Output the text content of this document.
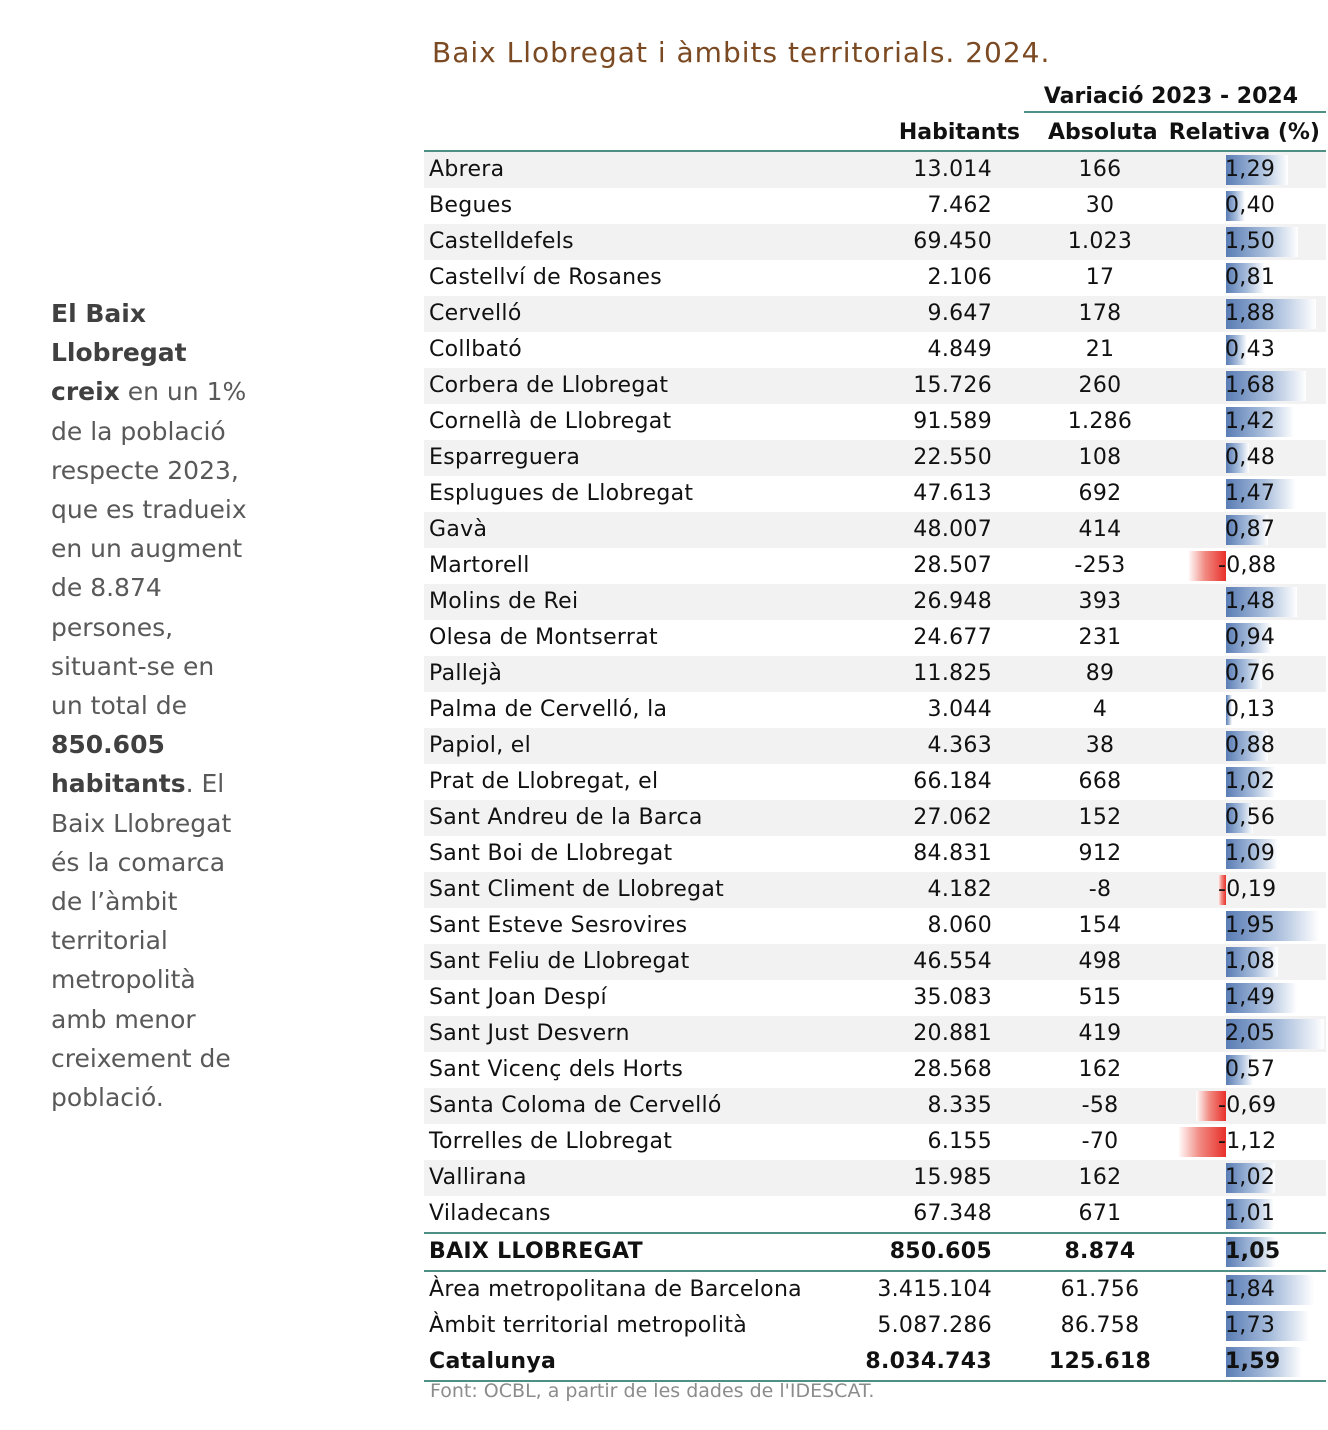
El Baix Llobregat creix en un 1% de la població respecte 2023, que es tradueix en un augment de 8.874 persones, situant-se en un total de 850.605 habitants. El Baix Llobregat és la comarca de l’àmbit territorial metropolità amb menor creixement de població.
Baix Llobregat i àmbits territorials. 2024.
Variació 2023 - 2024
Habitants Absoluta Relativa (%)
Abrera	13.014	166	1,29
Begues	7.462	30	0,40
Castelldefels	69.450	1.023	1,50
Castellví de Rosanes	2.106	17	0,81
Cervelló	9.647	178	1,88
Collbató	4.849	21	0,43
Corbera de Llobregat	15.726	260	1,68
Cornellà de Llobregat	91.589	1.286	1,42
Esparreguera	22.550	108	0,48
Esplugues de Llobregat	47.613	692	1,47
Gavà	48.007	414	0,87
Martorell	28.507	-253	-0,88
Molins de Rei	26.948	393	1,48
Olesa de Montserrat	24.677	231	0,94
Pallejà	11.825	89	0,76
Palma de Cervelló, la	3.044	4	0,13
Papiol, el	4.363	38	0,88
Prat de Llobregat, el	66.184	668	1,02
Sant Andreu de la Barca	27.062	152	0,56
Sant Boi de Llobregat	84.831	912	1,09
Sant Climent de Llobregat	4.182	-8	-0,19
Sant Esteve Sesrovires	8.060	154	1,95
Sant Feliu de Llobregat	46.554	498	1,08
Sant Joan Despí	35.083	515	1,49
Sant Just Desvern	20.881	419	2,05
Sant Vicenç dels Horts	28.568	162	0,57
Santa Coloma de Cervelló	8.335	-58	-0,69
Torrelles de Llobregat	6.155	-70	-1,12
Vallirana	15.985	162	1,02
Viladecans	67.348	671	1,01
BAIX LLOBREGAT	850.605	8.874	1,05
Àrea metropolitana de Barcelona	3.415.104	61.756	1,84
Àmbit territorial metropolità	5.087.286	86.758	1,73
Catalunya	8.034.743	125.618	1,59
Font: OCBL, a partir de les dades de l'IDESCAT.
